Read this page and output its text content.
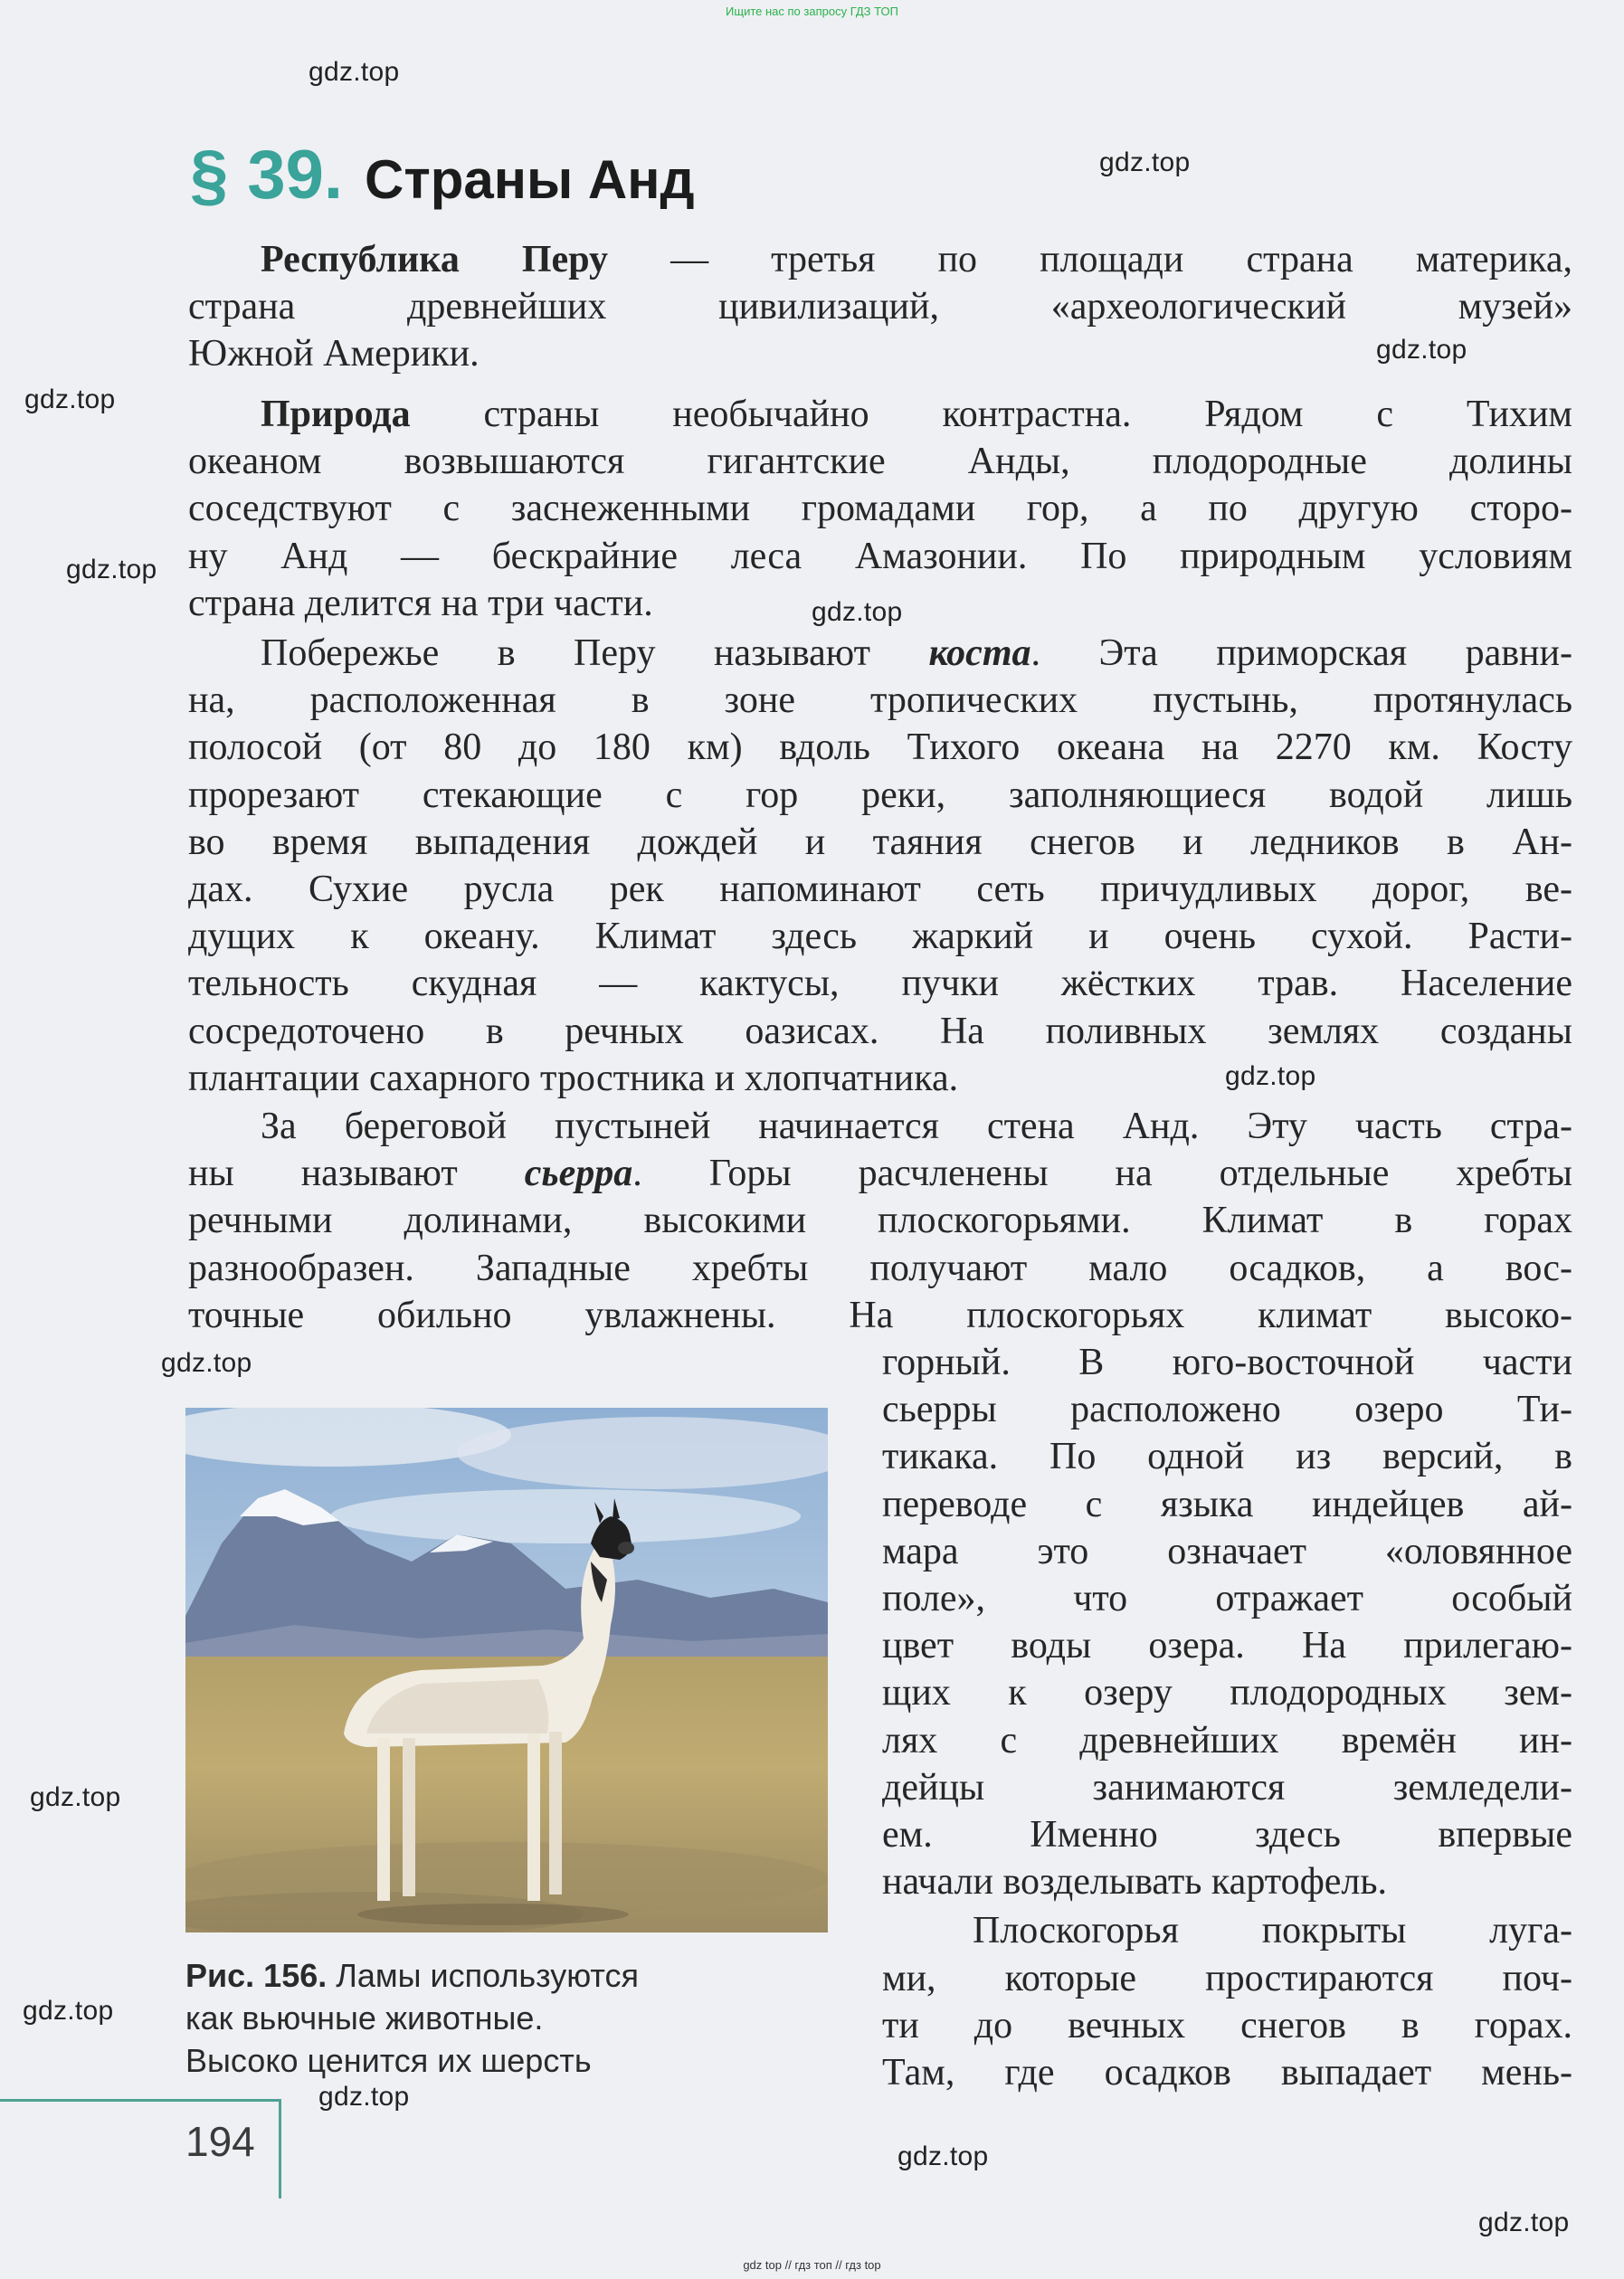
Ищите нас по запросу ГДЗ ТОП
§ 39. Страны Анд
Республика Перу — третья по площади страна материка,
страна древнейших цивилизаций, «археологический музей»
Южной Америки.
Природа страны необычайно контрастна. Рядом с Тихим
океаном возвышаются гигантские Анды, плодородные долины
соседствуют с заснеженными громадами гор, а по другую сторо-
ну Анд — бескрайние леса Амазонии. По природным условиям
страна делится на три части.
Побережье в Перу называют коста. Эта приморская равни-
на, расположенная в зоне тропических пустынь, протянулась
полосой (от 80 до 180 км) вдоль Тихого океана на 2270 км. Косту
прорезают стекающие с гор реки, заполняющиеся водой лишь
во время выпадения дождей и таяния снегов и ледников в Ан-
дах. Сухие русла рек напоминают сеть причудливых дорог, ве-
дущих к океану. Климат здесь жаркий и очень сухой. Расти-
тельность скудная — кактусы, пучки жёстких трав. Население
сосредоточено в речных оазисах. На поливных землях созданы
плантации сахарного тростника и хлопчатника.
За береговой пустыней начинается стена Анд. Эту часть стра-
ны называют сьерра. Горы расчленены на отдельные хребты
речными долинами, высокими плоскогорьями. Климат в горах
разнообразен. Западные хребты получают мало осадков, а вос-
точные обильно увлажнены. На плоскогорьях климат высоко-
горный. В юго-восточной части
сьерры расположено озеро Ти-
тикака. По одной из версий, в
переводе с языка индейцев ай-
мара это означает «оловянное
поле», что отражает особый
цвет воды озера. На прилегаю-
щих к озеру плодородных зем-
лях с древнейших времён ин-
дейцы занимаются земледели-
ем. Именно здесь впервые
начали возделывать картофель.
Плоскогорья покрыты луга-
ми, которые простираются поч-
ти до вечных снегов в горах.
Там, где осадков выпадает мень-
Рис. 156. Ламы используются
как вьючные животные.
Высоко ценится их шерсть
194
gdz.top
gdz.top
gdz.top
gdz.top
gdz.top
gdz.top
gdz.top
gdz.top
gdz.top
gdz.top
gdz.top
gdz.top
gdz.top
gdz top // гдз топ // гдз top
